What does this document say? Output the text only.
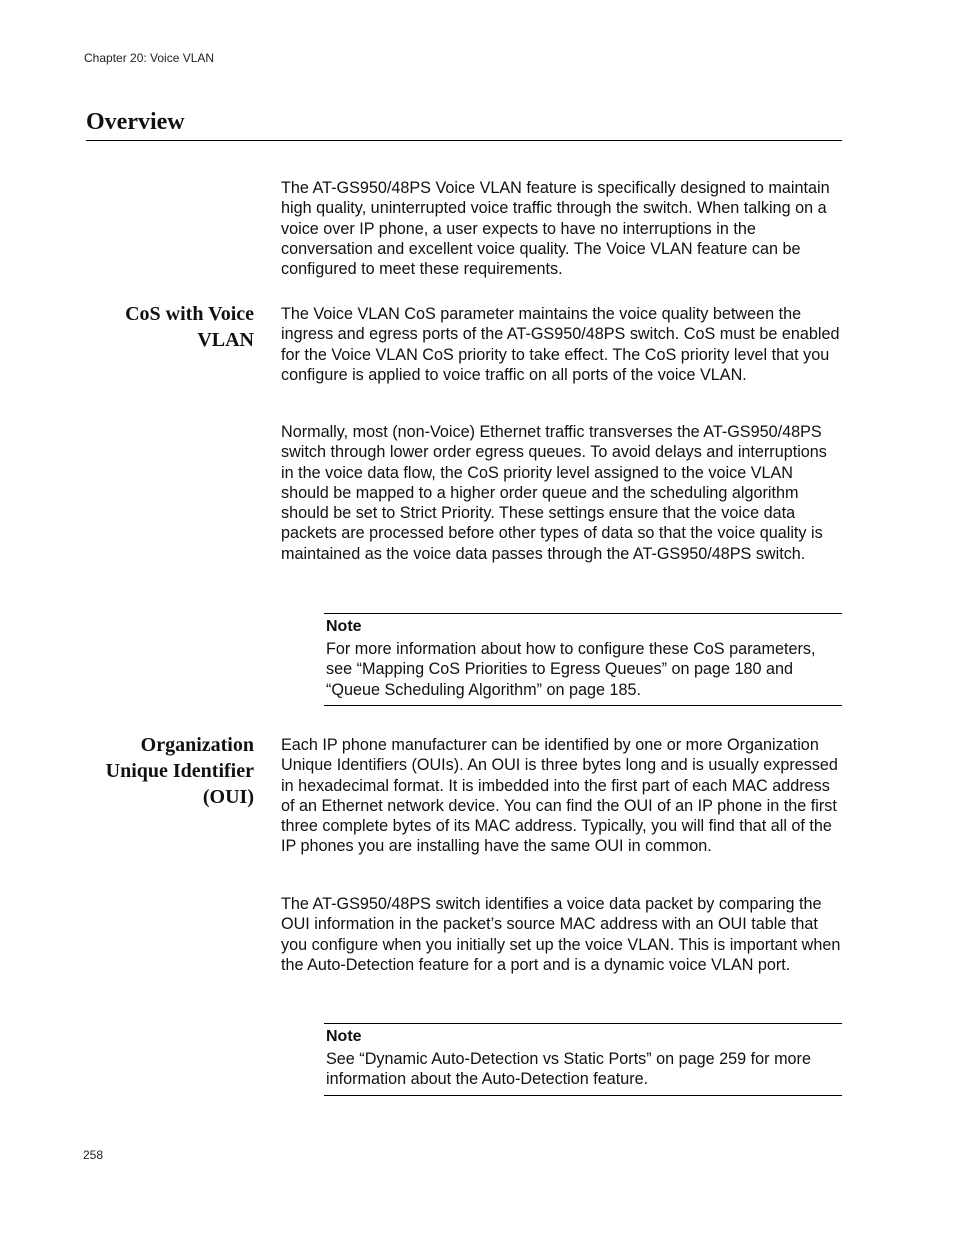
Chapter 20: Voice VLAN
Overview

The AT-GS950/48PS Voice VLAN feature is specifically designed to maintain high quality, uninterrupted voice traffic through the switch. When talking on a voice over IP phone, a user expects to have no interruptions in the conversation and excellent voice quality. The Voice VLAN feature can be configured to meet these requirements.

CoS with Voice
VLAN

The Voice VLAN CoS parameter maintains the voice quality between the ingress and egress ports of the AT-GS950/48PS switch. CoS must be enabled for the Voice VLAN CoS priority to take effect. The CoS priority level that you configure is applied to voice traffic on all ports of the voice VLAN.

Normally, most (non-Voice) Ethernet traffic transverses the AT-GS950/48PS switch through lower order egress queues. To avoid delays and interruptions in the voice data flow, the CoS priority level assigned to the voice VLAN should be mapped to a higher order queue and the scheduling algorithm should be set to Strict Priority. These settings ensure that the voice data packets are processed before other types of data so that the voice quality is maintained as the voice data passes through the AT-GS950/48PS switch.

Note

For more information about how to configure these CoS parameters, see “Mapping CoS Priorities to Egress Queues” on page 180 and “Queue Scheduling Algorithm” on page 185.

Organization
Unique Identifier
(OUI)

Each IP phone manufacturer can be identified by one or more Organization Unique Identifiers (OUIs). An OUI is three bytes long and is usually expressed in hexadecimal format. It is imbedded into the first part of each MAC address of an Ethernet network device. You can find the OUI of an IP phone in the first three complete bytes of its MAC address. Typically, you will find that all of the IP phones you are installing have the same OUI in common.

The AT-GS950/48PS switch identifies a voice data packet by comparing the OUI information in the packet’s source MAC address with an OUI table that you configure when you initially set up the voice VLAN. This is important when the Auto-Detection feature for a port and is a dynamic voice VLAN port.

Note

See “Dynamic Auto-Detection vs Static Ports” on page 259 for more information about the Auto-Detection feature.

258
